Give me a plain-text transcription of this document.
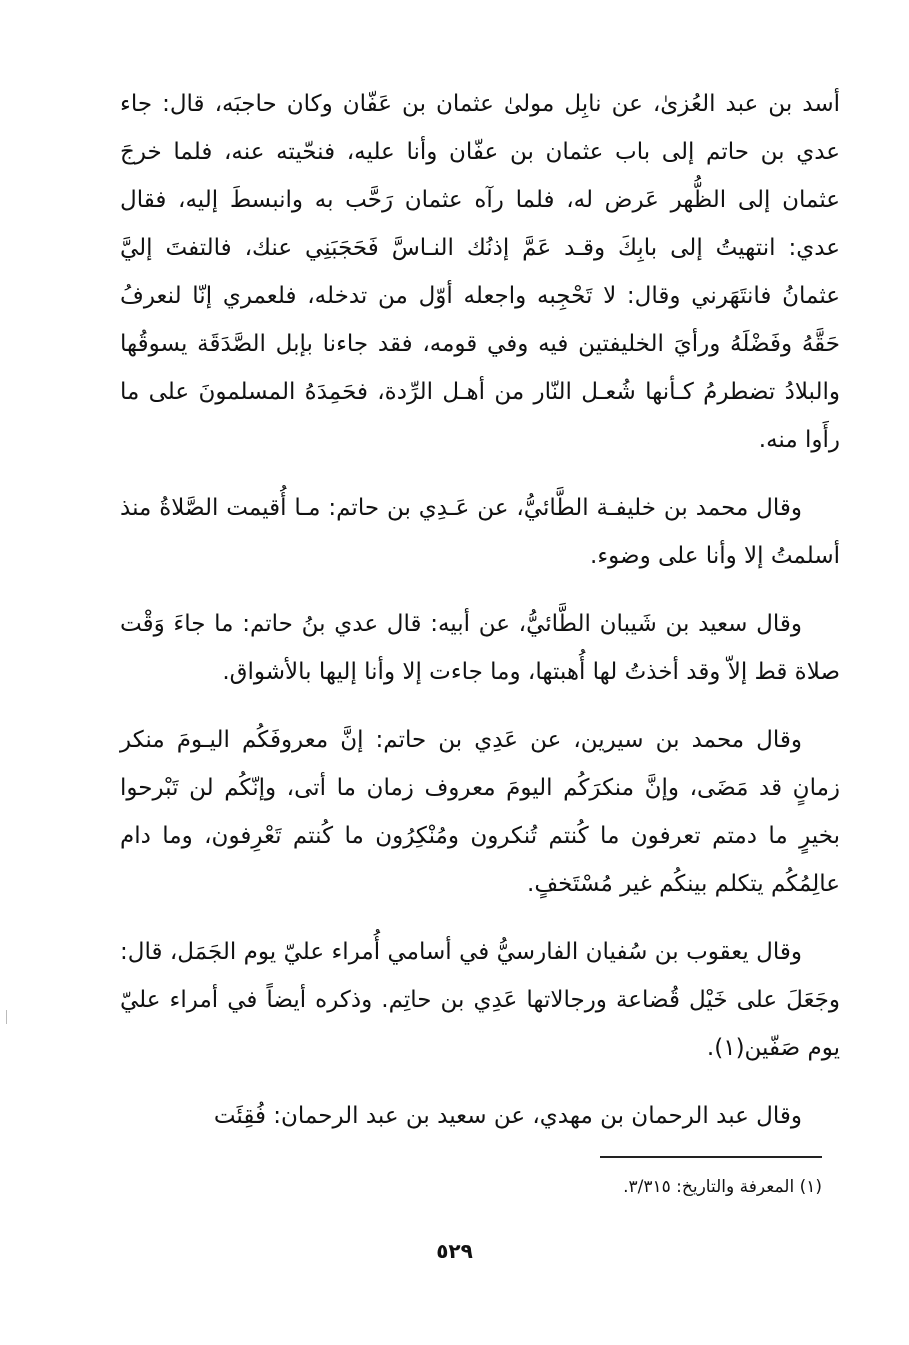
أسد بن عبد العُزىٰ، عن نابِل مولىٰ عثمان بن عَفّان وكان حاجبَه، قال: جاء عدي بن حاتم إلى باب عثمان بن عفّان وأنا عليه، فنحّيته عنه، فلما خرجَ عثمان إلى الظُّهر عَرض له، فلما رآه عثمان رَحَّب به وانبسطَ إليه، فقال عدي: انتهيتُ إلى بابِكَ وقـد عَمَّ إذنُك النـاسَّ فَحَجَبَنِي عنك، فالتفتَ إليَّ عثمانُ فانتَهَرني وقال: لا تَحْجِبه واجعله أوّل من تدخله، فلعمري إنّا لنعرفُ حَقَّهُ وفَضْلَهُ ورأيَ الخليفتين فيه وفي قومه، فقد جاءنا بإبل الصَّدَقَة يسوقُها والبلادُ تضطرمُ كـأنها شُعـل النّار من أهـل الرِّدة، فحَمِدَهُ المسلمونَ على ما رأَوا منه.

وقال محمد بن خليفـة الطَّائيُّ، عن عَـدِي بن حاتم: مـا أُقيمت الصَّلاةُ منذ أسلمتُ إلا وأنا على وضوء.

وقال سعيد بن شَيبان الطَّائيُّ، عن أبيه: قال عدي بنُ حاتم: ما جاءَ وَقْت صلاة قط إلاّ وقد أخذتُ لها أُهبتها، وما جاءت إلا وأنا إليها بالأشواق.

وقال محمد بن سيرين، عن عَدِي بن حاتم: إنَّ معروفَكُم اليـومَ منكر زمانٍ قد مَضَى، وإنَّ منكرَكُم اليومَ معروف زمان ما أتى، وإنّكُم لن تَبْرحوا بخيرٍ ما دمتم تعرفون ما كُنتم تُنكرون ومُنْكِرُون ما كُنتم تَعْرِفون، وما دام عالِمُكُم يتكلم بينكُم غير مُسْتَخفٍ.

وقال يعقوب بن سُفيان الفارسيُّ في أسامي أُمراء عليّ يوم الجَمَل، قال: وجَعَلَ على خَيْل قُضاعة ورجالاتها عَدِي بن حاتِم. وذكره أيضاً في أمراء عليّ يوم صَفّين(١).

وقال عبد الرحمان بن مهدي، عن سعيد بن عبد الرحمان: فُقِئَت

(١) المعرفة والتاريخ: ٣/٣١٥.
٥٢٩
